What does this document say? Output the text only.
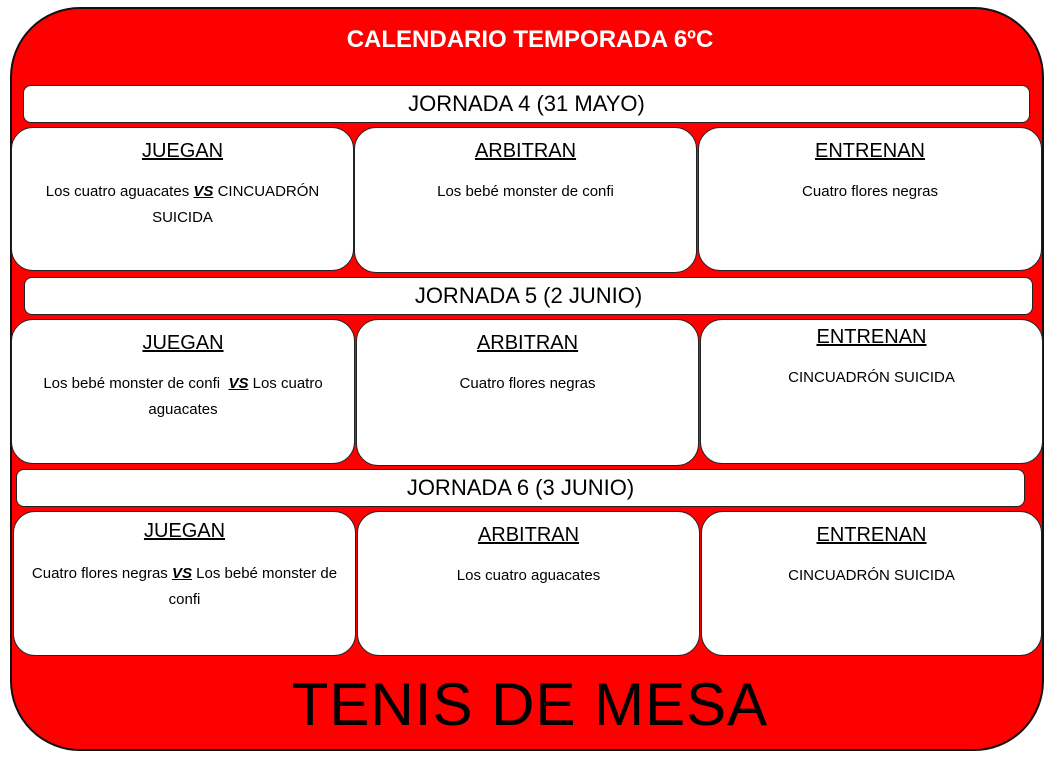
CALENDARIO TEMPORADA 6ºC
JORNADA 4 (31 MAYO)
JUEGAN
Los cuatro aguacates VS CINCUADRÓN SUICIDA
ARBITRAN
Los bebé monster de confi
ENTRENAN
Cuatro flores negras
JORNADA 5 (2 JUNIO)
JUEGAN
Los bebé monster de confi VS Los cuatro aguacates
ARBITRAN
Cuatro flores negras
ENTRENAN
CINCUADRÓN SUICIDA
JORNADA 6 (3 JUNIO)
JUEGAN
Cuatro flores negras VS Los bebé monster de confi
ARBITRAN
Los cuatro aguacates
ENTRENAN
CINCUADRÓN SUICIDA
TENIS DE MESA
